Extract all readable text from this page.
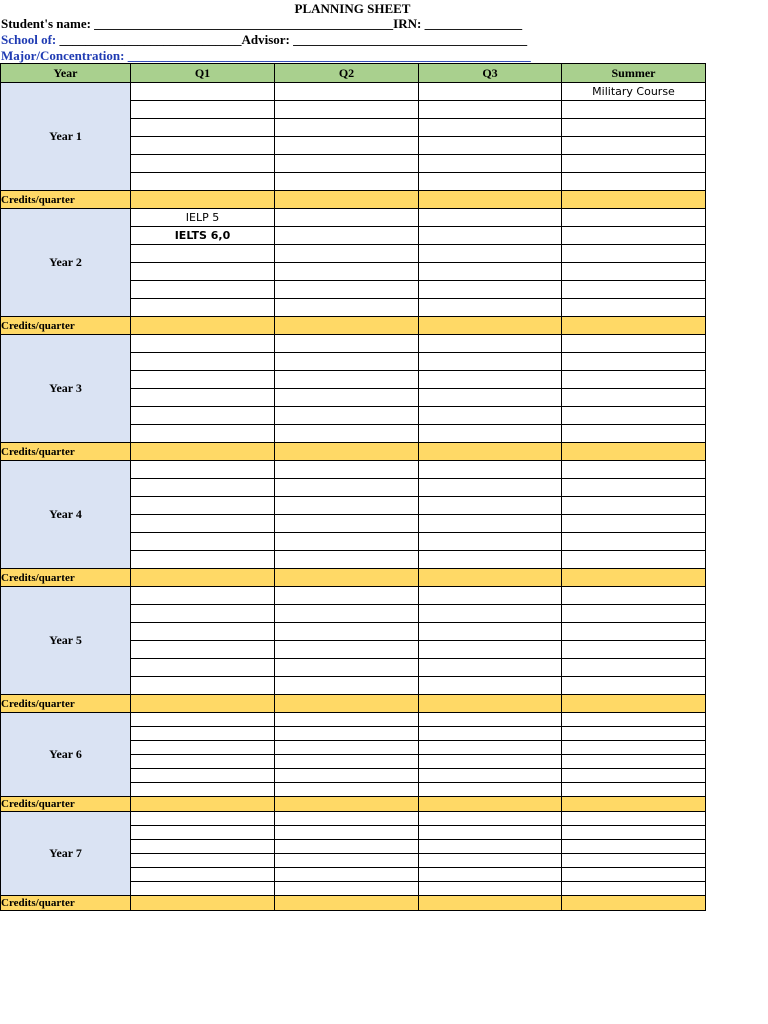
PLANNING SHEET
Student's name: ______________________________________________IRN: _______________
School of: ____________________________Advisor: ____________________________________
Major/Concentration: ______________________________________________________________
Year	Q1	Q2	Q3	Summer
Year 1				Military Course

Credits/quarter				
Year 2	IELP 5			
	IELTS 6,0			

Credits/quarter				
Year 3				

Credits/quarter				
Year 4				

Credits/quarter				
Year 5				

Credits/quarter				
Year 6				

Credits/quarter				
Year 7				

Credits/quarter				
